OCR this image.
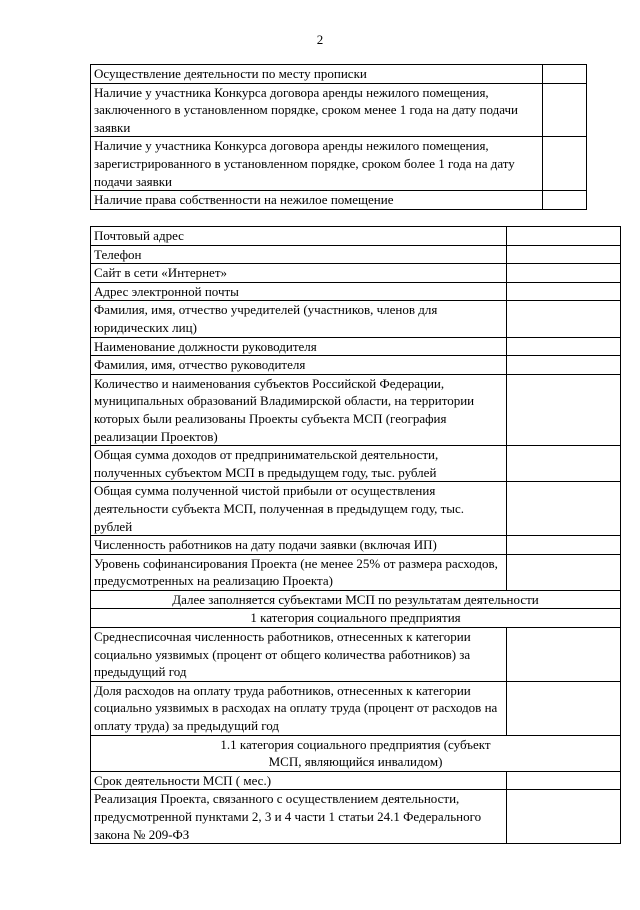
2
Осуществление деятельности по месту прописки	
Наличие у участника Конкурса договора аренды нежилого помещения, заключенного в установленном порядке, сроком менее 1 года на дату подачи заявки	
Наличие у участника Конкурса договора аренды нежилого помещения, зарегистрированного в установленном порядке, сроком более 1 года на дату подачи заявки	
Наличие права собственности на нежилое помещение	
Почтовый адрес	
Телефон	
Сайт в сети «Интернет»	
Адрес электронной почты	
Фамилия, имя, отчество учредителей (участников, членов для юридических лиц)	
Наименование должности руководителя	
Фамилия, имя, отчество руководителя	
Количество и наименования субъектов Российской Федерации, муниципальных образований Владимирской области, на территории которых были реализованы Проекты субъекта МСП (география реализации Проектов)	
Общая сумма доходов от предпринимательской деятельности, полученных субъектом МСП в предыдущем году, тыс. рублей	
Общая сумма полученной чистой прибыли от осуществления деятельности субъекта МСП, полученная в предыдущем году, тыс. рублей	
Численность работников на дату подачи заявки (включая ИП)	
Уровень софинансирования Проекта (не менее 25% от размера расходов, предусмотренных на реализацию Проекта)	
Далее заполняется субъектами МСП по результатам деятельности	
1 категория социального предприятия	
Среднесписочная численность работников, отнесенных к категории социально уязвимых (процент от общего количества работников) за предыдущий год	
Доля расходов на оплату труда работников, отнесенных к категории социально уязвимых в расходах на оплату труда (процент от расходов на оплату труда) за предыдущий год	
1.1 категория социального предприятия (субъект МСП, являющийся инвалидом)	
Срок деятельности МСП ( мес.)	
Реализация Проекта, связанного с осуществлением деятельности, предусмотренной пунктами 2, 3 и 4 части 1 статьи 24.1 Федерального закона № 209-ФЗ	
